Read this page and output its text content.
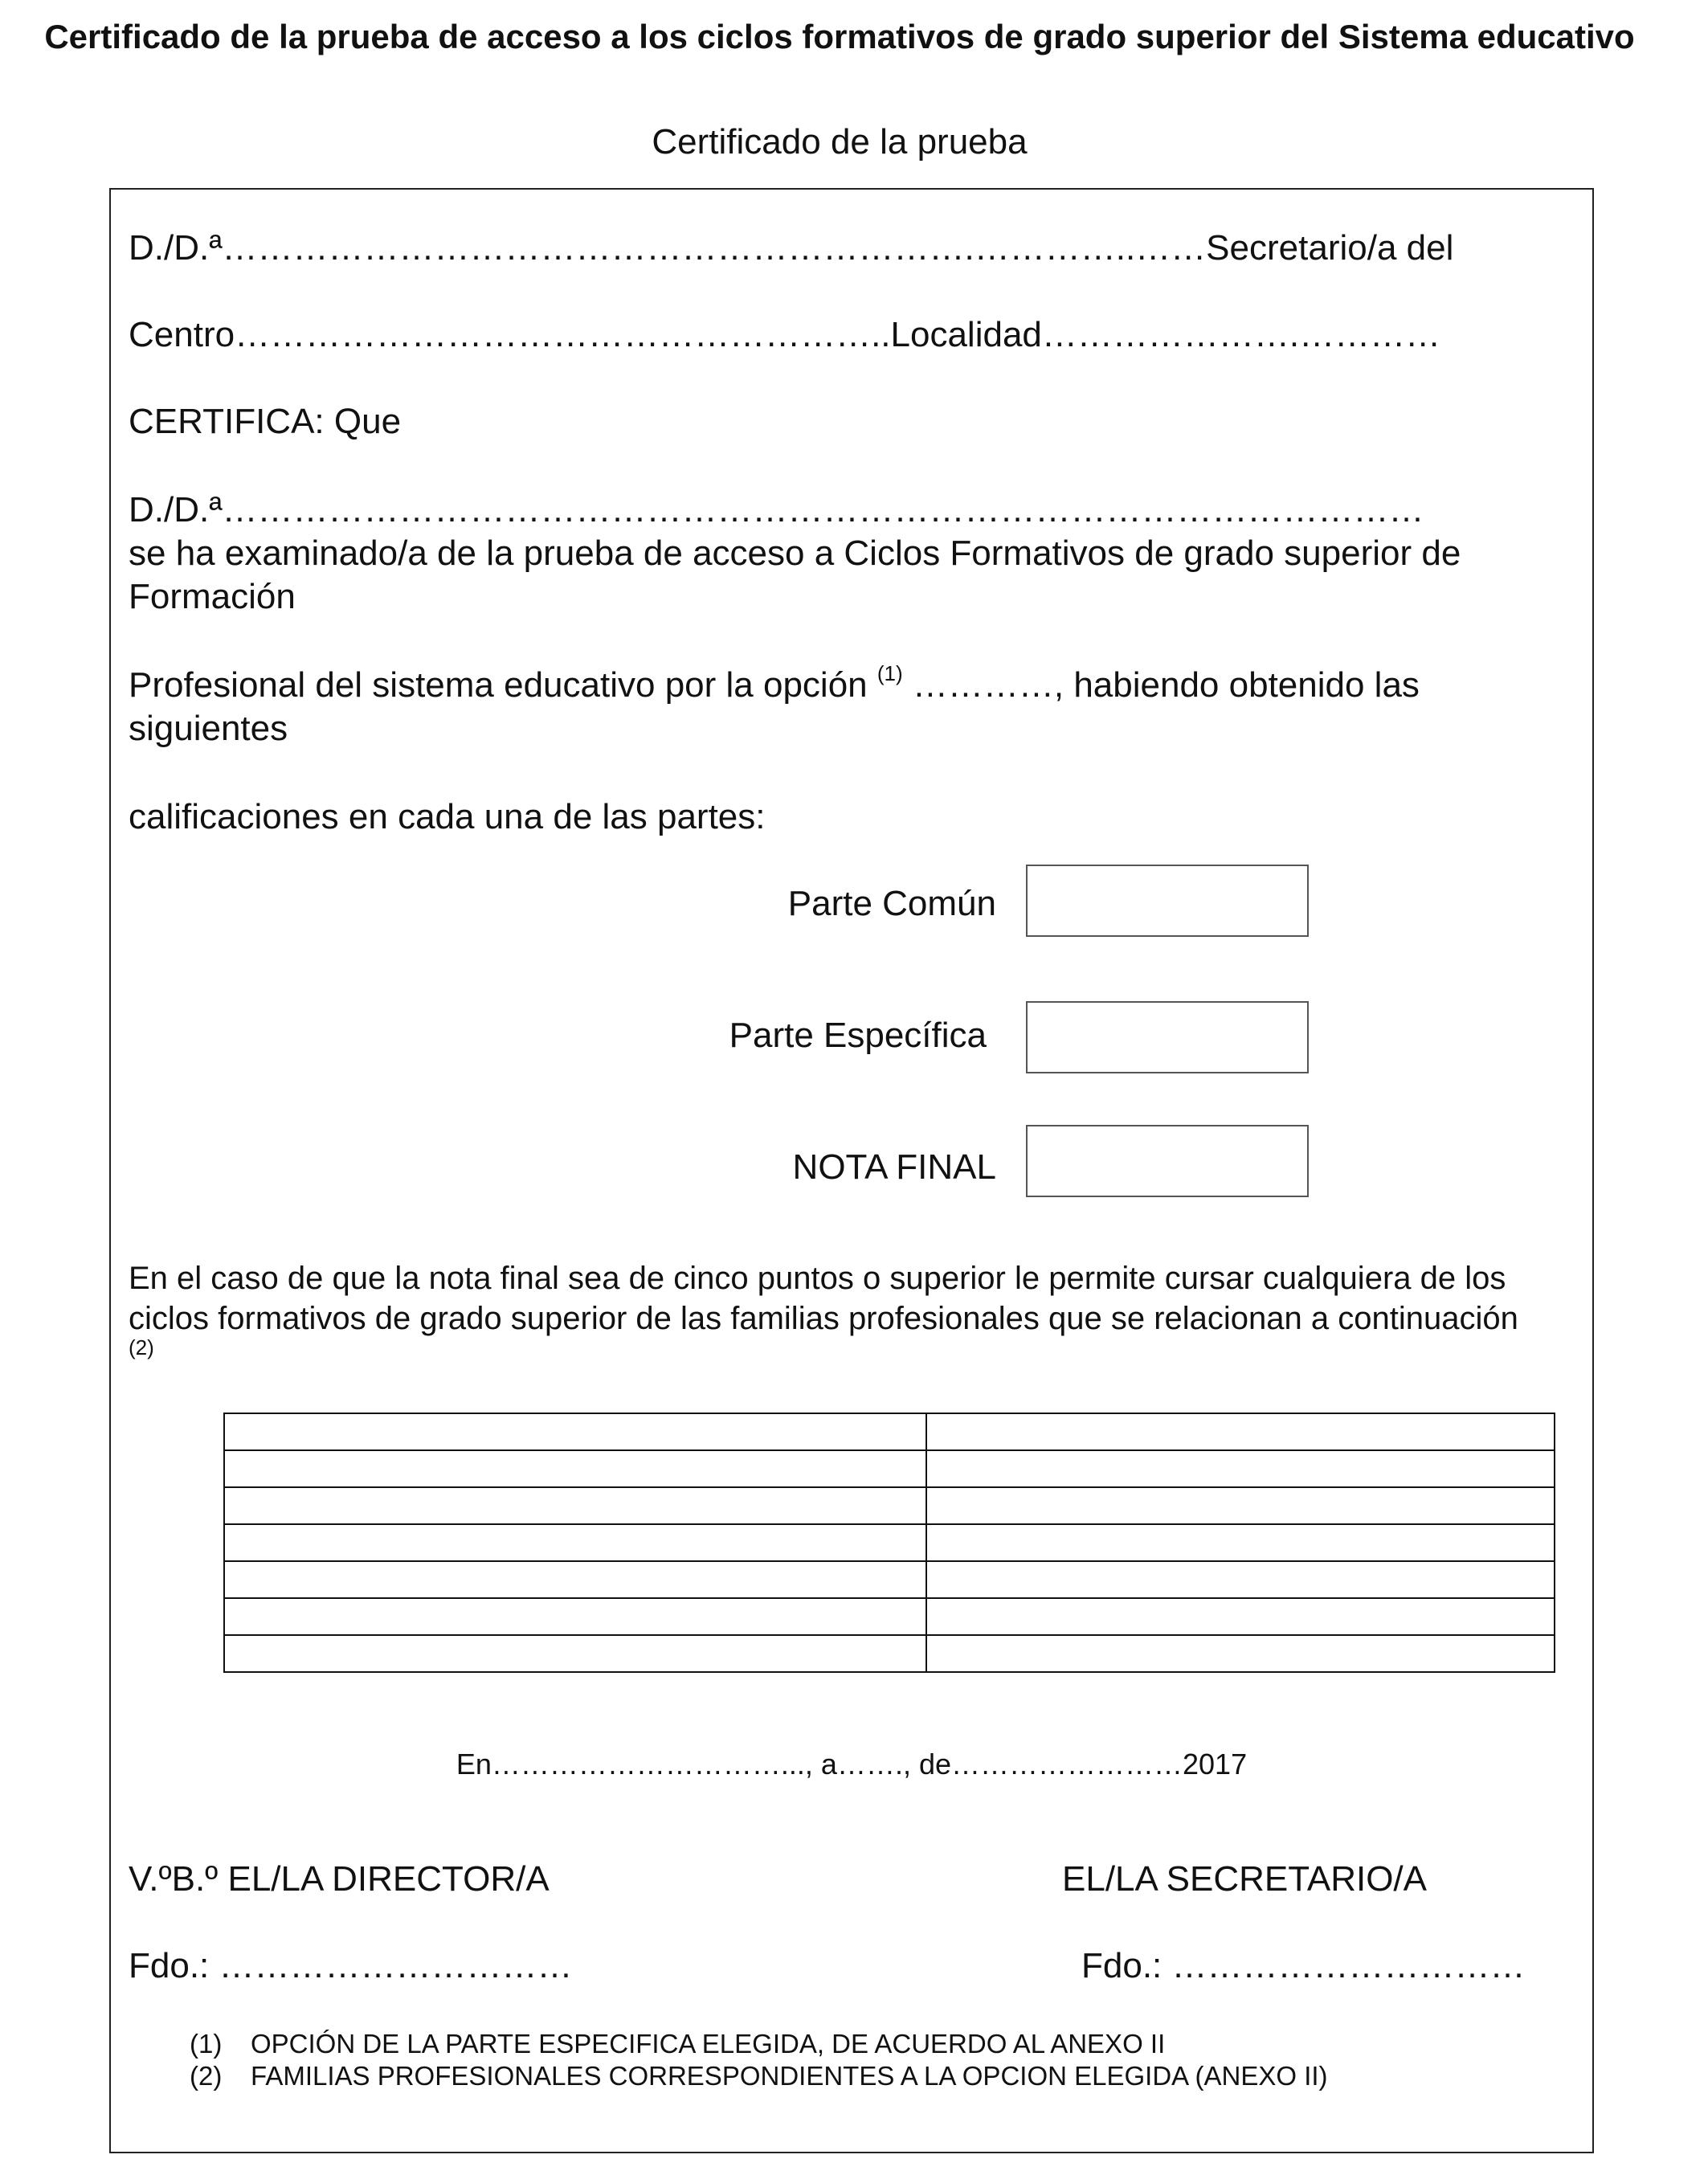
Certificado de la prueba de acceso a los ciclos formativos de grado superior del Sistema educativo
Certificado de la prueba
D./D.ª……………………………………………………….…………..……Secretario/a del
Centro………………………………………………..Localidad………………….…………
CERTIFICA: Que
D./D.ª…………………………………………………………………………………………
se ha examinado/a de la prueba de acceso a Ciclos Formativos de grado superior de Formación
Profesional del sistema educativo por la opción $^{(1)}$ …………, habiendo obtenido las siguientes
calificaciones en cada una de las partes:
Parte Común
Parte Específica
NOTA FINAL
En el caso de que la nota final sea de cinco puntos o superior le permite cursar cualquiera de los ciclos formativos de grado superior de las familias profesionales que se relacionan a continuación $^{(2)}$

En…………………………..., a……., de……………………2017
V.ºB.º EL/LA DIRECTOR/A	EL/LA SECRETARIO/A
Fdo.: …………………………	Fdo.: …………………………
(1)	OPCIÓN DE LA PARTE ESPECIFICA ELEGIDA, DE ACUERDO AL ANEXO II
(2)	FAMILIAS PROFESIONALES CORRESPONDIENTES A LA OPCION ELEGIDA (ANEXO II)
